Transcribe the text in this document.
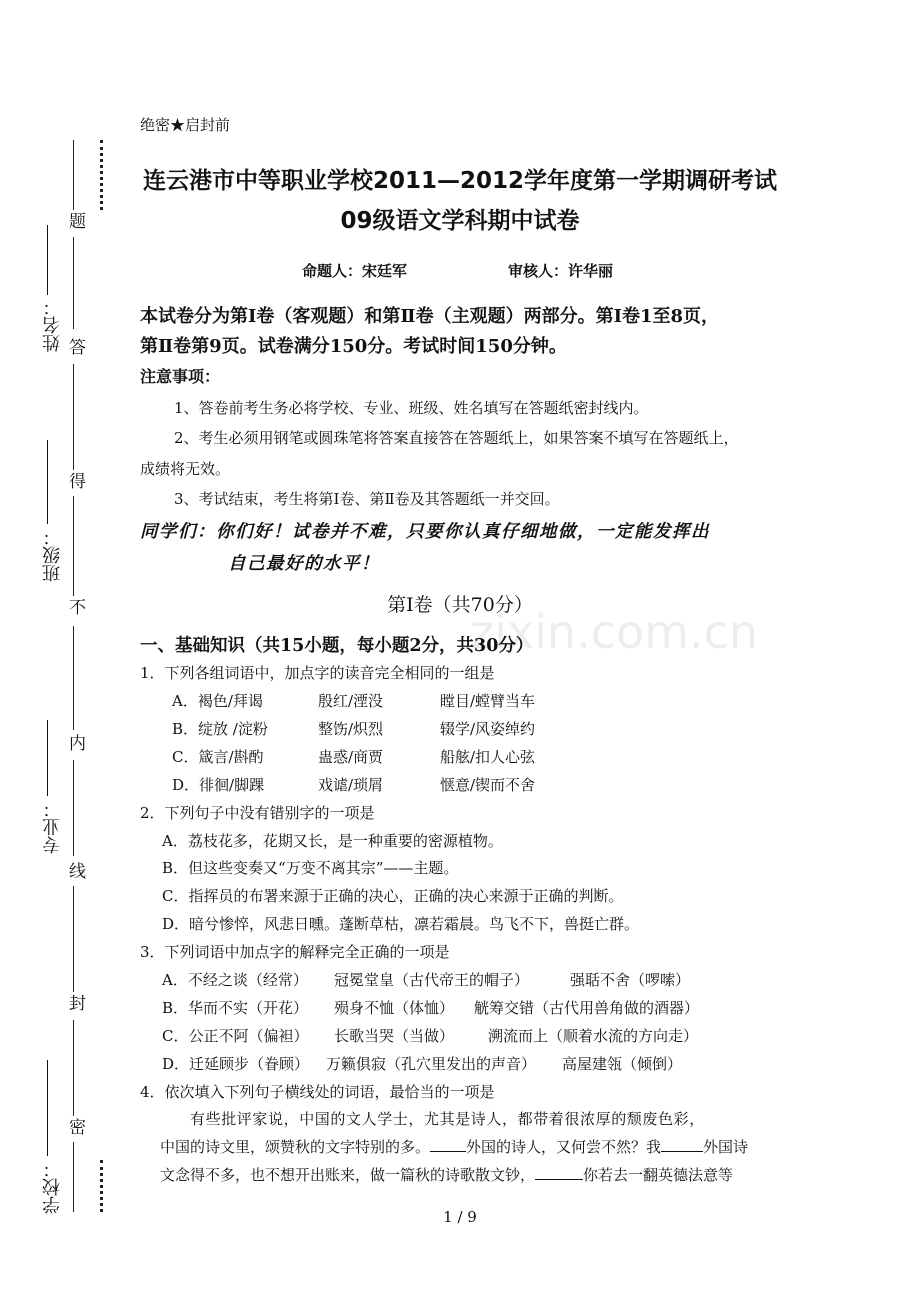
题
答
得
不
内
线
封
密
姓名：
班级：
专业：
学校：
绝密★启封前
连云港市中等职业学校2011—2012学年度第一学期调研考试
09级语文学科期中试卷
命题人：宋廷军	审核人：许华丽
本试卷分为第Ⅰ卷（客观题）和第Ⅱ卷（主观题）两部分。第Ⅰ卷1至8页，
第Ⅱ卷第9页。试卷满分150分。考试时间150分钟。
注意事项：
1、答卷前考生务必将学校、专业、班级、姓名填写在答题纸密封线内。
2、考生必须用钢笔或圆珠笔将答案直接答在答题纸上，如果答案不填写在答题纸上，
成绩将无效。
3、考试结束，考生将第Ⅰ卷、第Ⅱ卷及其答题纸一并交回。
同学们：你们好！试卷并不难，只要你认真仔细地做，一定能发挥出
自己最好的水平！
zixin.com.cn
第Ⅰ卷（共70分）
一、基础知识（共15小题，每小题2分，共30分）
1．下列各组词语中，加点字的读音完全相同的一组是
A．褐色/拜谒	殷红/湮没	瞠目/螳臂当车
B．绽放 /淀粉	整饬/炽烈	辍学/风姿绰约
C．箴言/斟酌	蛊惑/商贾	船舷/扣人心弦
D．徘徊/脚踝	戏谑/琐屑	惬意/锲而不舍
2．下列句子中没有错别字的一项是
A．荔枝花多，花期又长，是一种重要的密源植物。
B．但这些变奏又“万变不离其宗”——主题。
C．指挥员的布署来源于正确的决心，正确的决心来源于正确的判断。
D．暗兮惨悴，风悲日曛。蓬断草枯，凛若霜晨。鸟飞不下，兽挺亡群。
3．下列词语中加点字的解释完全正确的一项是
A．不经之谈（经常） 冠冕堂皇（古代帝王的帽子）	强聒不舍（啰嗦）
B．华而不实（开花） 殒身不恤（体恤） 觥筹交错（古代用兽角做的酒器）
C．公正不阿（偏袒） 长歌当哭（当做） 溯流而上（顺着水流的方向走）
D．迁延顾步（眷顾） 万籁俱寂（孔穴里发出的声音） 高屋建瓴（倾倒）
4．依次填入下列句子横线处的词语，最恰当的一项是
有些批评家说，中国的文人学士，尤其是诗人，都带着很浓厚的颓废色彩，
中国的诗文里，颂赞秋的文字特别的多。 外国的诗人，又何尝不然？我	外国诗
文念得不多，也不想开出账来，做一篇秋的诗歌散文钞，	你若去一翻英德法意等
1 / 9
